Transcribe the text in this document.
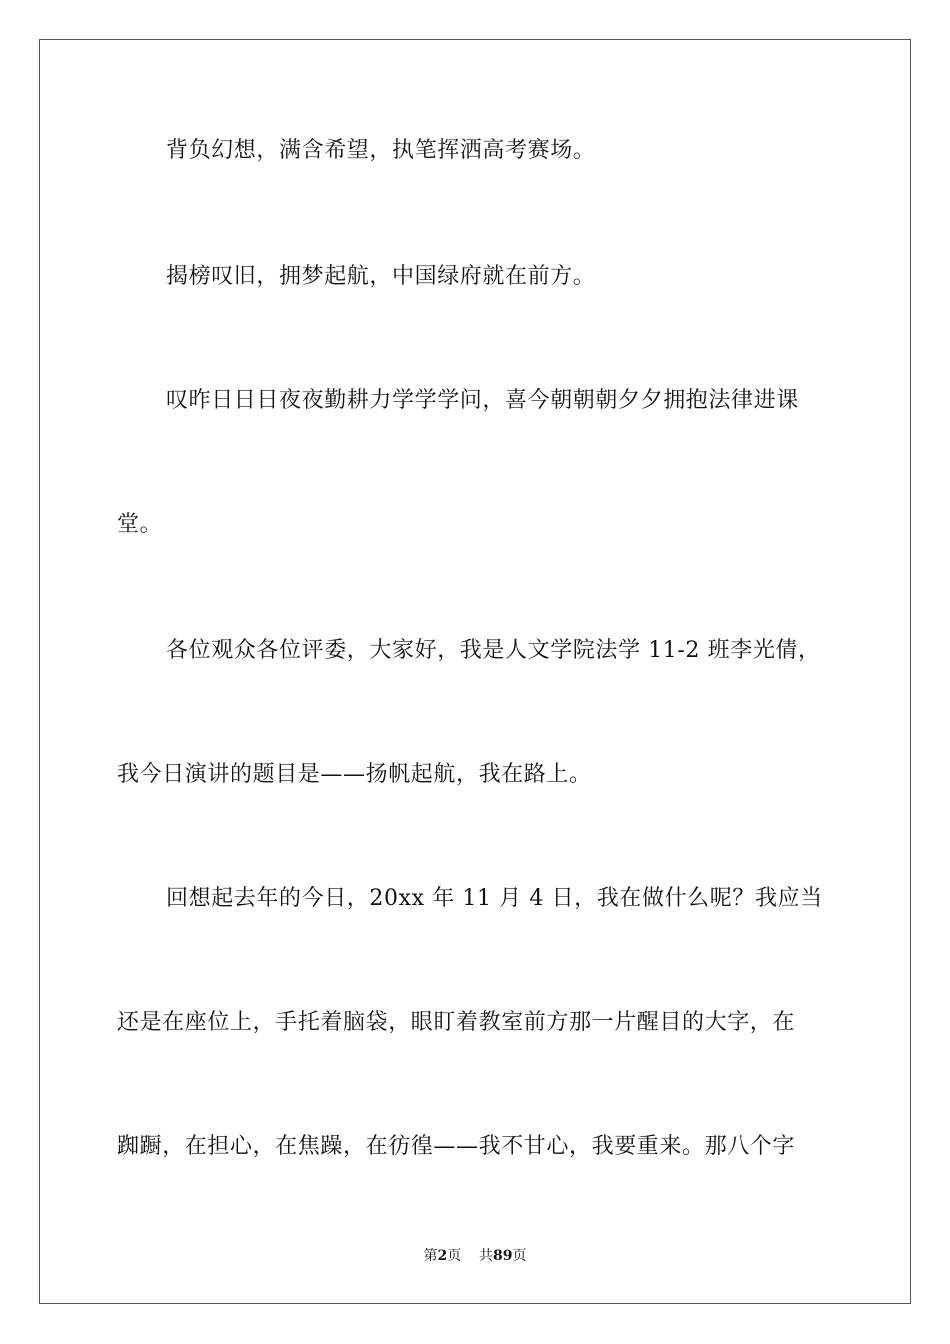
背负幻想，满含希望，执笔挥洒高考赛场。
揭榜叹旧，拥梦起航，中国绿府就在前方。
叹昨日日日夜夜勤耕力学学学问，喜今朝朝朝夕夕拥抱法律进课
堂。
各位观众各位评委，大家好，我是人文学院法学 11-2 班李光倩，
我今日演讲的题目是——扬帆起航，我在路上。
回想起去年的今日，20xx 年 11 月 4 日，我在做什么呢？我应当
还是在座位上，手托着脑袋，眼盯着教室前方那一片醒目的大字，在
踟蹰，在担心，在焦躁，在彷徨——我不甘心，我要重来。那八个字
第2页 共89页
